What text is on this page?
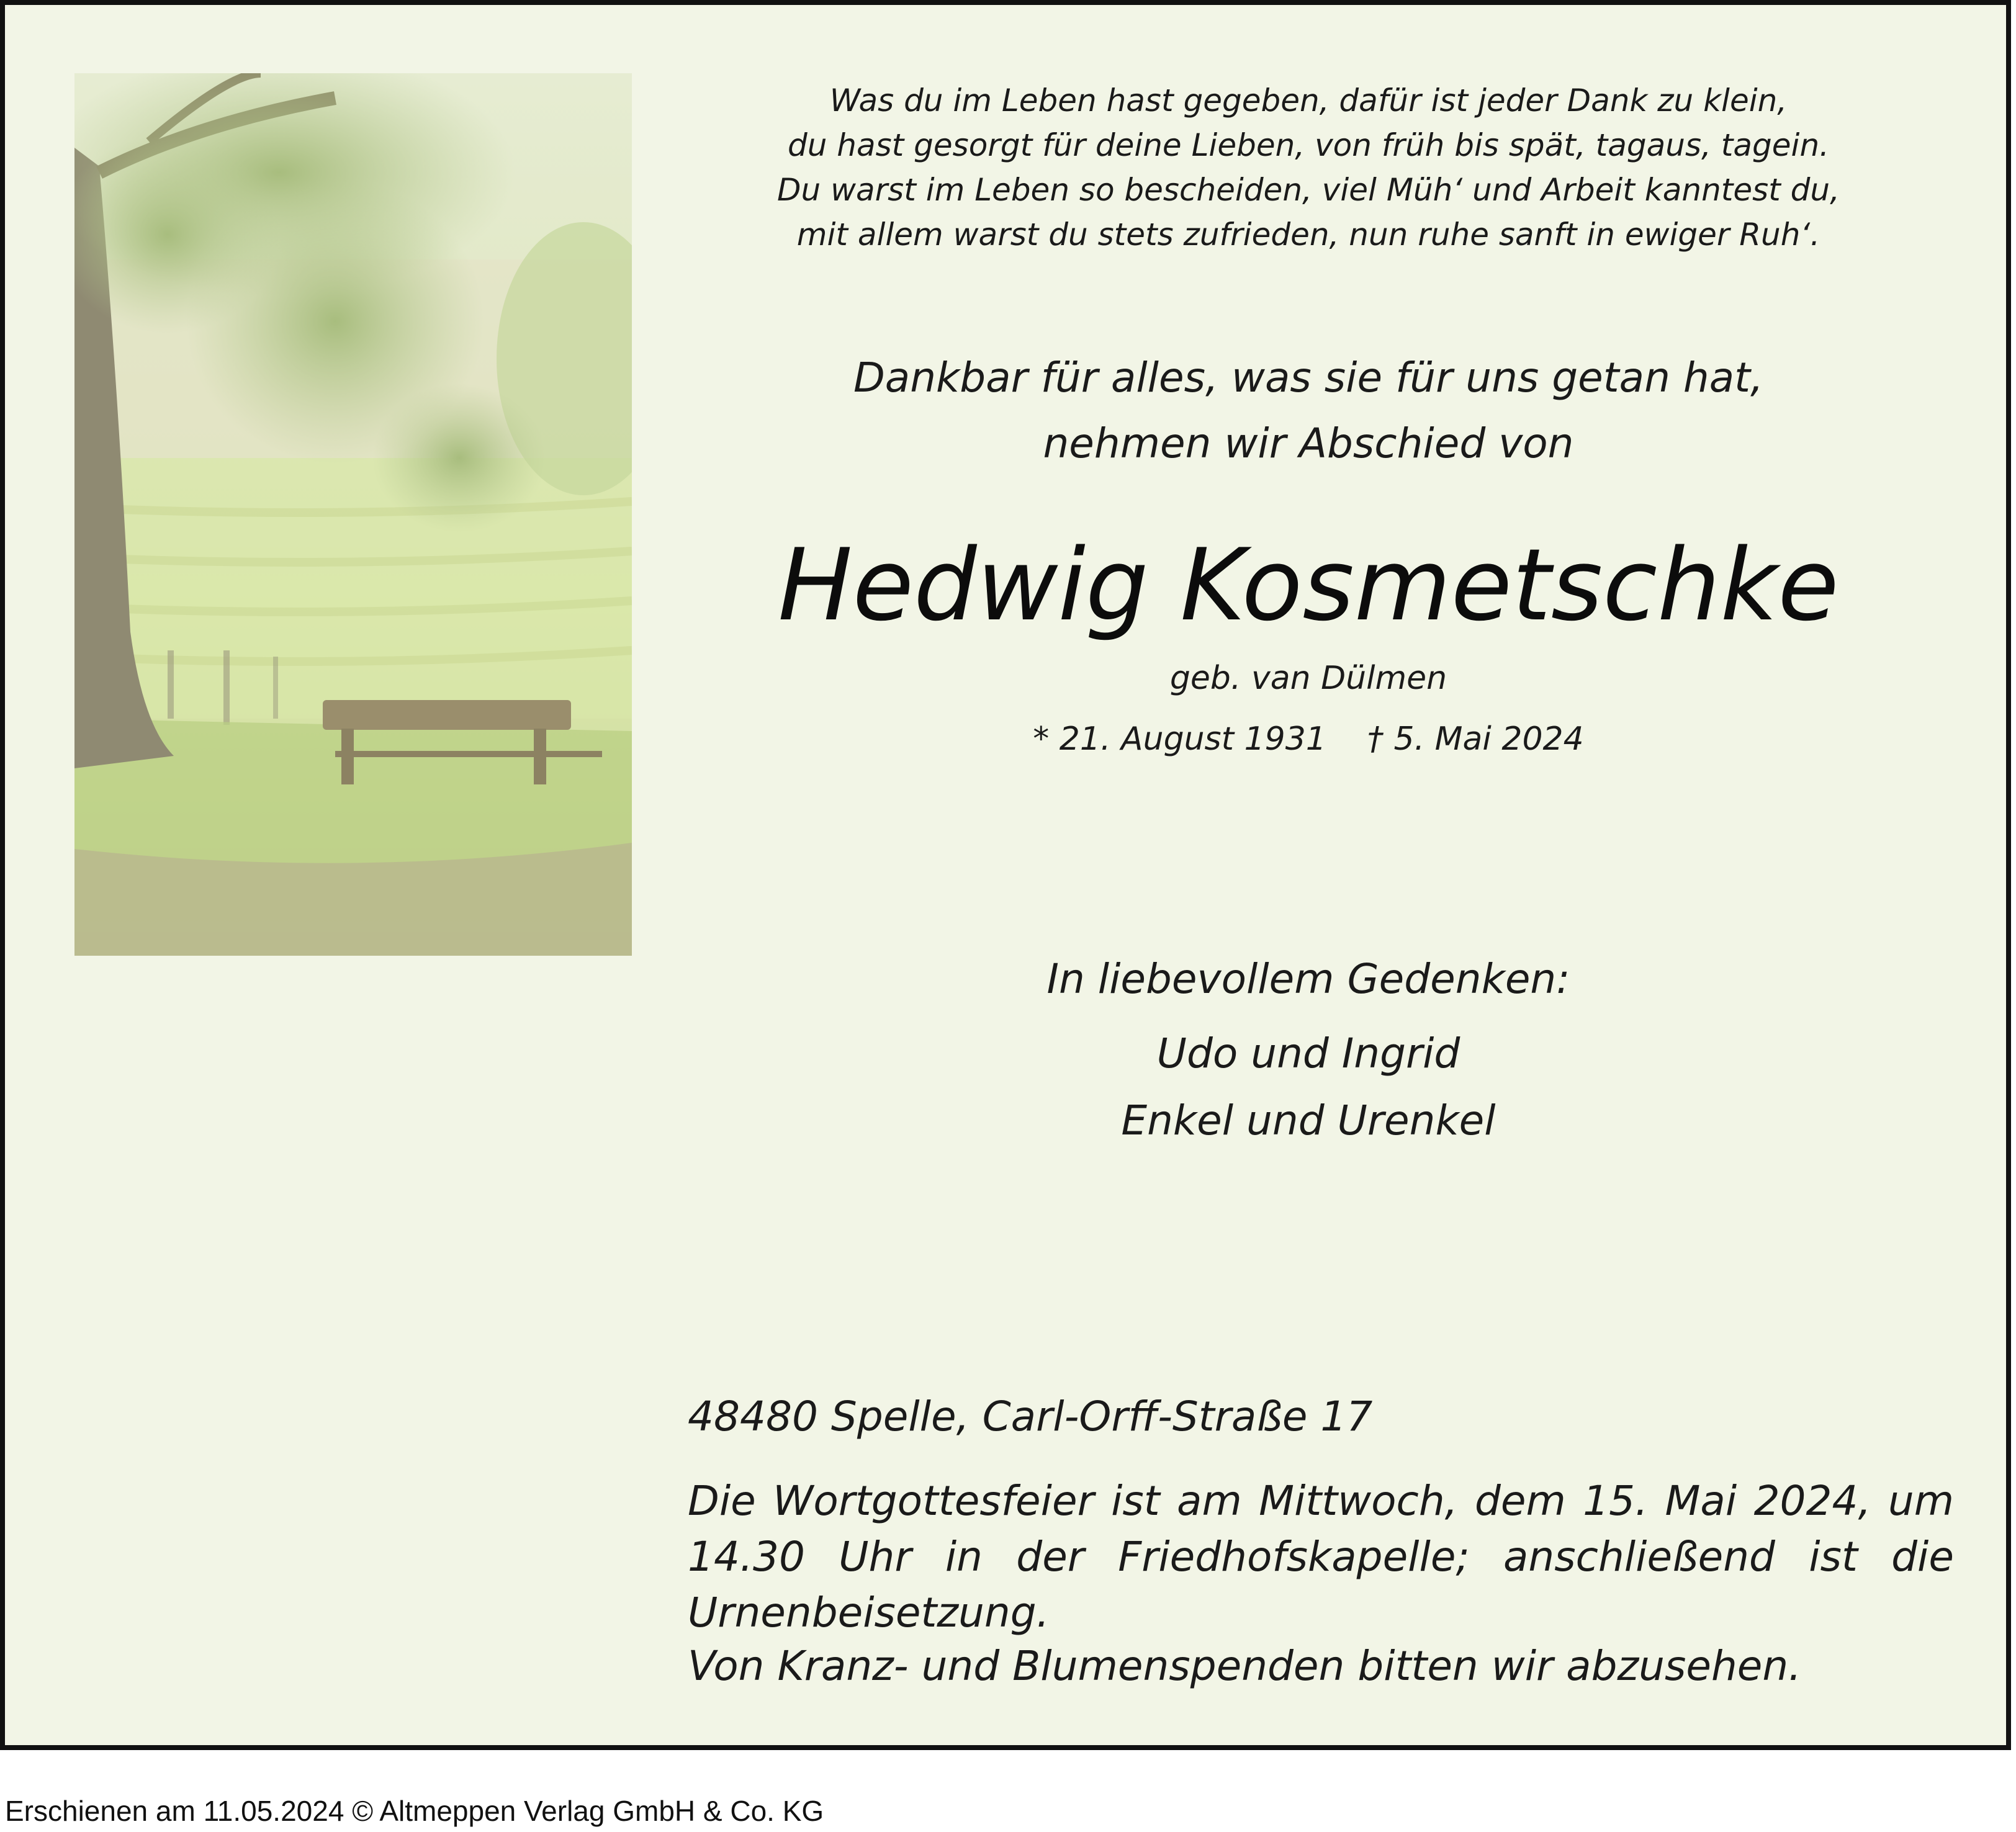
Was du im Leben hast gegeben, dafür ist jeder Dank zu klein,
du hast gesorgt für deine Lieben, von früh bis spät, tagaus, tagein.
Du warst im Leben so bescheiden, viel Müh‘ und Arbeit kanntest du,
mit allem warst du stets zufrieden, nun ruhe sanft in ewiger Ruh‘.
Dankbar für alles, was sie für uns getan hat,
nehmen wir Abschied von
Hedwig Kosmetschke
geb. van Dülmen
* 21. August 1931    † 5. Mai 2024
In liebevollem Gedenken:
Udo und Ingrid
Enkel und Urenkel
48480 Spelle, Carl-Orff-Straße 17
Die Wortgottesfeier ist am Mittwoch, dem 15. Mai 2024, um 14.30 Uhr in der Friedhofskapelle; anschließend ist die Urnenbeisetzung.
Von Kranz- und Blumenspenden bitten wir abzusehen.
Erschienen am 11.05.2024 © Altmeppen Verlag GmbH & Co. KG
